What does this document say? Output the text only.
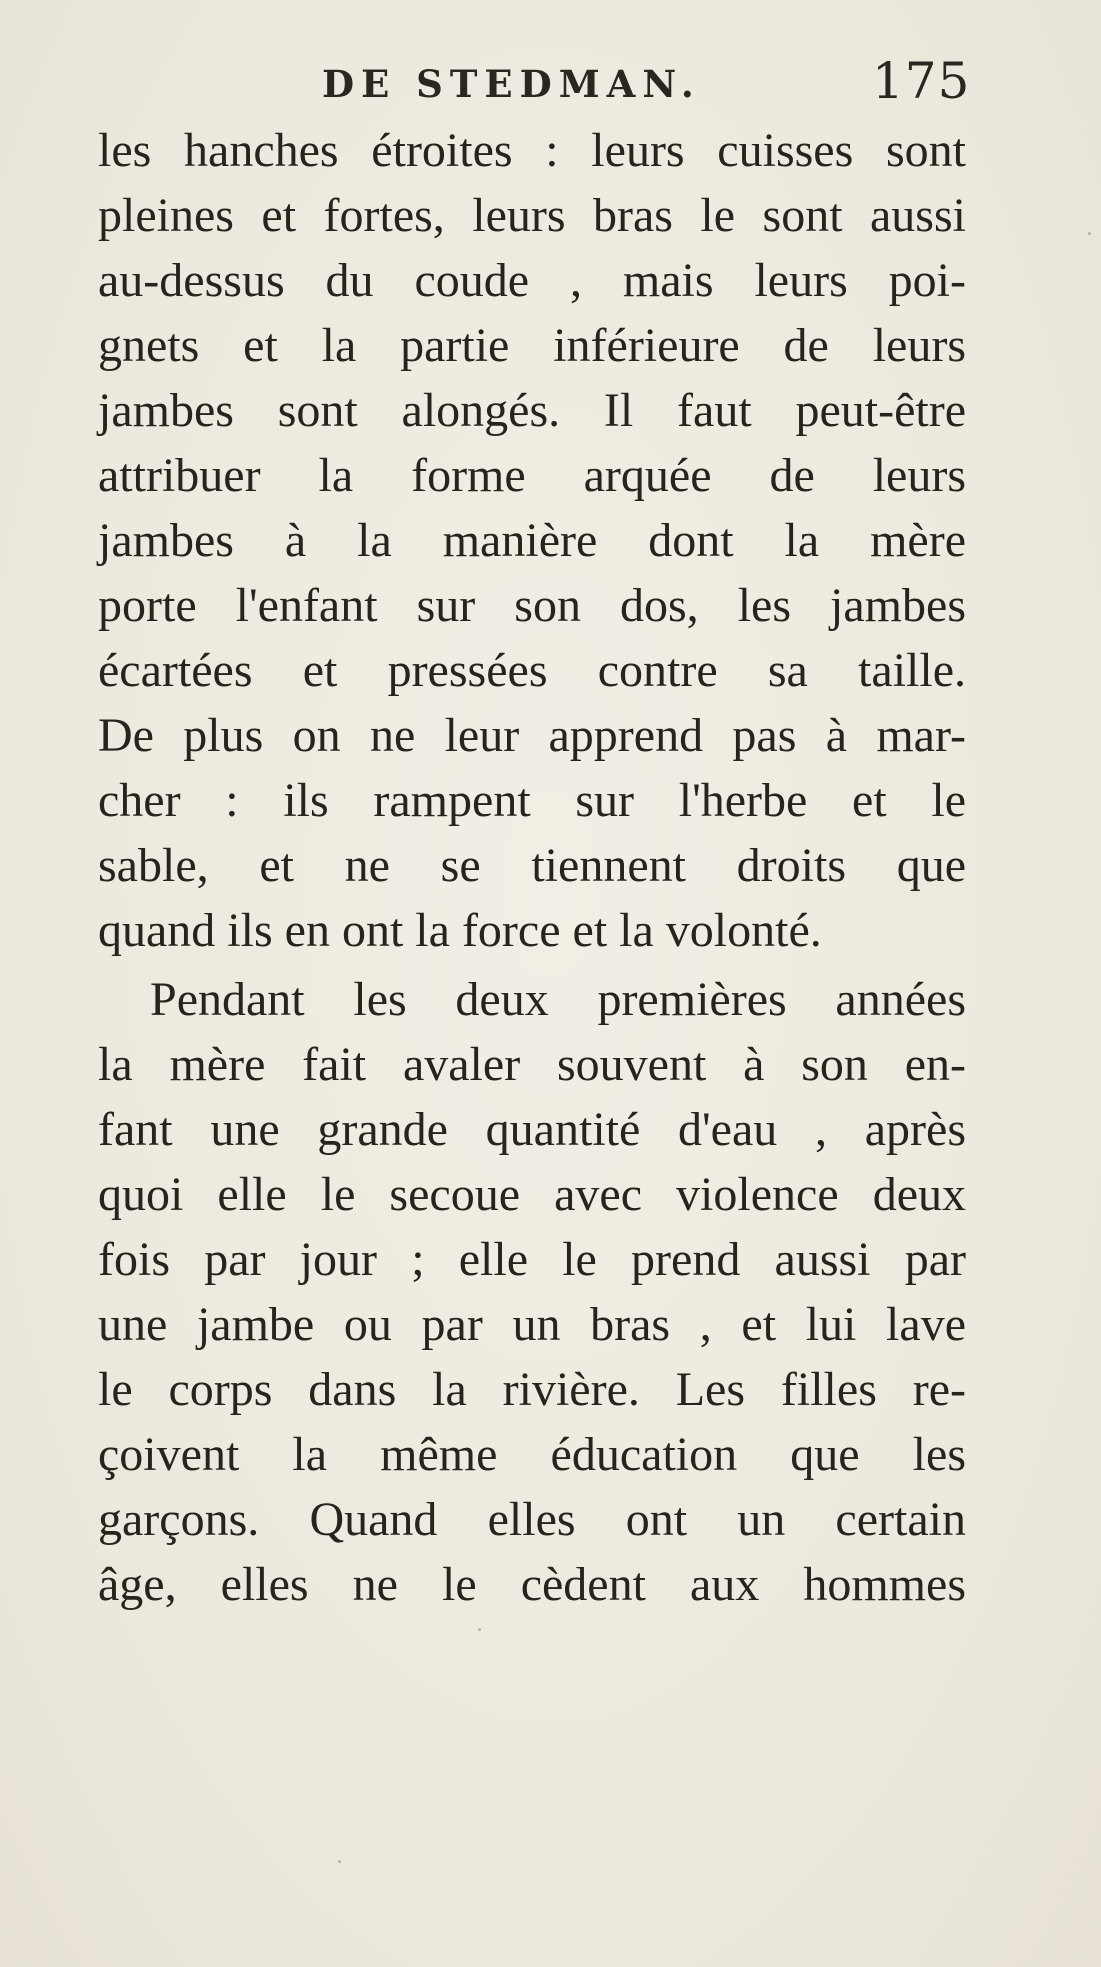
DE STEDMAN.	175
les hanches étroites : leurs cuisses sont
pleines et fortes, leurs bras le sont aussi
au-dessus du coude , mais leurs poi-
gnets et la partie inférieure de leurs
jambes sont alongés. Il faut peut-être
attribuer la forme arquée de leurs
jambes à la manière dont la mère
porte l'enfant sur son dos, les jambes
écartées et pressées contre sa taille.
De plus on ne leur apprend pas à mar-
cher : ils rampent sur l'herbe et le
sable, et ne se tiennent droits que
quand ils en ont la force et la volonté.
Pendant les deux premières années
la mère fait avaler souvent à son en-
fant une grande quantité d'eau , après
quoi elle le secoue avec violence deux
fois par jour ; elle le prend aussi par
une jambe ou par un bras , et lui lave
le corps dans la rivière. Les filles re-
çoivent la même éducation que les
garçons. Quand elles ont un certain
âge, elles ne le cèdent aux hommes
